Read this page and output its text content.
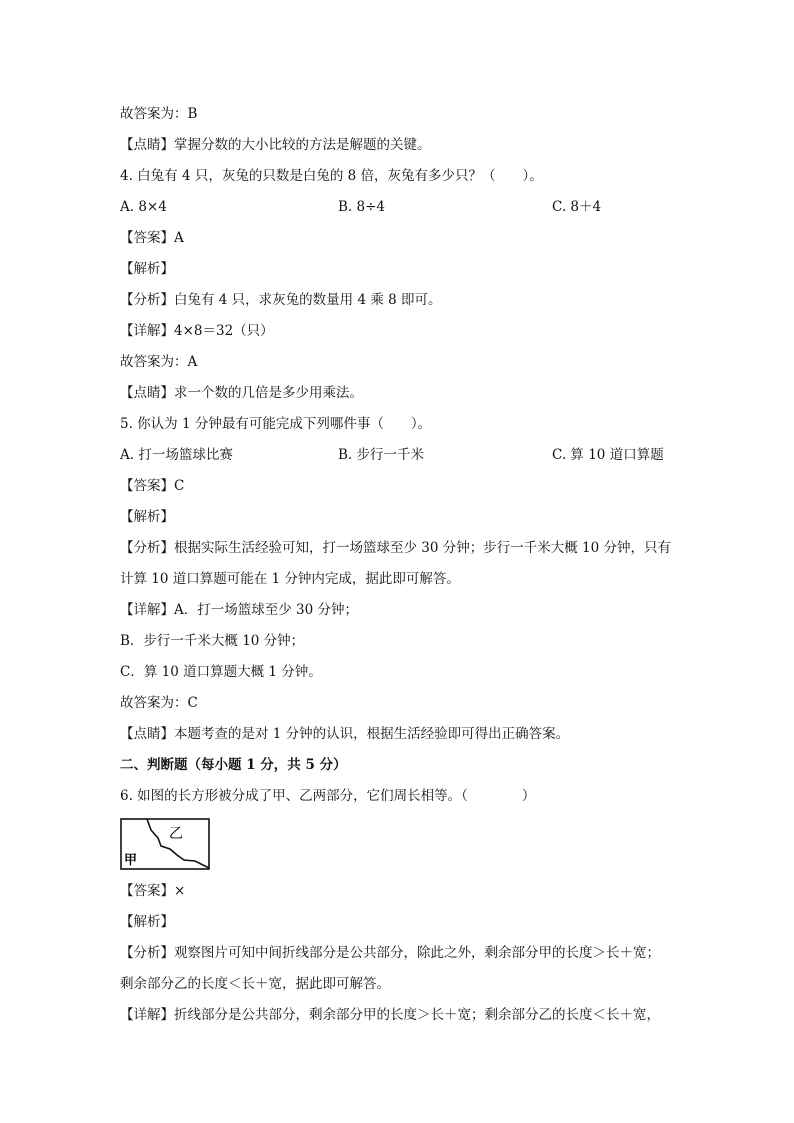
故答案为：B
【点睛】掌握分数的大小比较的方法是解题的关键。
4. 白兔有 4 只，灰兔的只数是白兔的 8 倍，灰兔有多少只？（　　）。
A. 8×4	B. 8÷4	C. 8＋4
【答案】A
【解析】
【分析】白兔有 4 只，求灰兔的数量用 4 乘 8 即可。
【详解】4×8＝32（只）
故答案为：A
【点睛】求一个数的几倍是多少用乘法。
5. 你认为 1 分钟最有可能完成下列哪件事（　　）。
A. 打一场篮球比赛	B. 步行一千米	C. 算 10 道口算题
【答案】C
【解析】
【分析】根据实际生活经验可知，打一场篮球至少 30 分钟；步行一千米大概 10 分钟，只有
计算 10 道口算题可能在 1 分钟内完成，据此即可解答。
【详解】A．打一场篮球至少 30 分钟；
B．步行一千米大概 10 分钟；
C．算 10 道口算题大概 1 分钟。
故答案为：C
【点睛】本题考查的是对 1 分钟的认识，根据生活经验即可得出正确答案。
二、判断题（每小题 1 分，共 5 分）
6. 如图的长方形被分成了甲、乙两部分，它们周长相等。（　　　　）
乙
甲
【答案】×
【解析】
【分析】观察图片可知中间折线部分是公共部分，除此之外，剩余部分甲的长度＞长＋宽；
剩余部分乙的长度＜长＋宽，据此即可解答。
【详解】折线部分是公共部分，剩余部分甲的长度＞长＋宽；剩余部分乙的长度＜长＋宽，
